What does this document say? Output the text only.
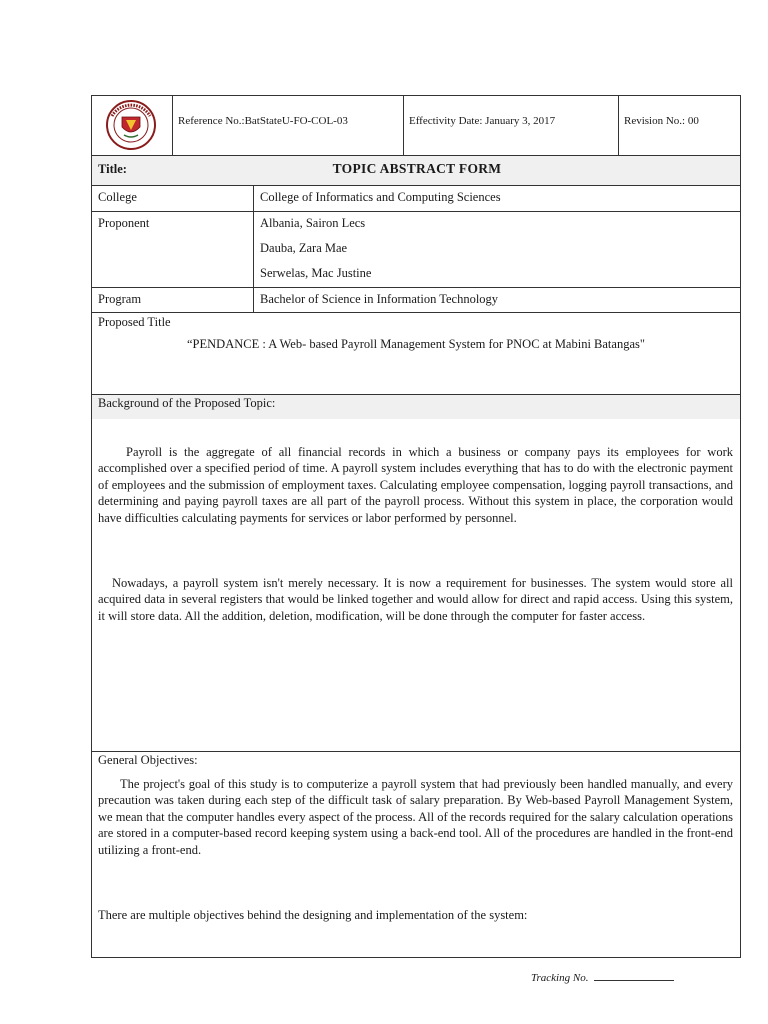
Reference No.:BatStateU-FO-COL-03	Effectivity Date: January 3, 2017	Revision No.: 00
Title:	TOPIC ABSTRACT FORM
College	College of Informatics and Computing Sciences
Proponent	Albania, Sairon Lecs
Dauba, Zara Mae
Serwelas, Mac Justine
Program	Bachelor of Science in Information Technology
Proposed Title
“PENDANCE : A Web- based Payroll Management System for PNOC at Mabini Batangas"
Background of the Proposed Topic:
Payroll is the aggregate of all financial records in which a business or company pays its employees for work accomplished over a specified period of time. A payroll system includes everything that has to do with the electronic payment of employees and the submission of employment taxes. Calculating employee compensation, logging payroll transactions, and determining and paying payroll taxes are all part of the payroll process. Without this system in place, the corporation would have difficulties calculating payments for services or labor performed by personnel.
Nowadays, a payroll system isn't merely necessary. It is now a requirement for businesses. The system would store all acquired data in several registers that would be linked together and would allow for direct and rapid access. Using this system, it will store data. All the addition, deletion, modification, will be done through the computer for faster access.
General Objectives:
The project's goal of this study is to computerize a payroll system that had previously been handled manually, and every precaution was taken during each step of the difficult task of salary preparation. By Web-based Payroll Management System, we mean that the computer handles every aspect of the process. All of the records required for the salary calculation operations are stored in a computer-based record keeping system using a back-end tool. All of the procedures are handled in the front-end utilizing a front-end.
There are multiple objectives behind the designing and implementation of the system:
Tracking No.
